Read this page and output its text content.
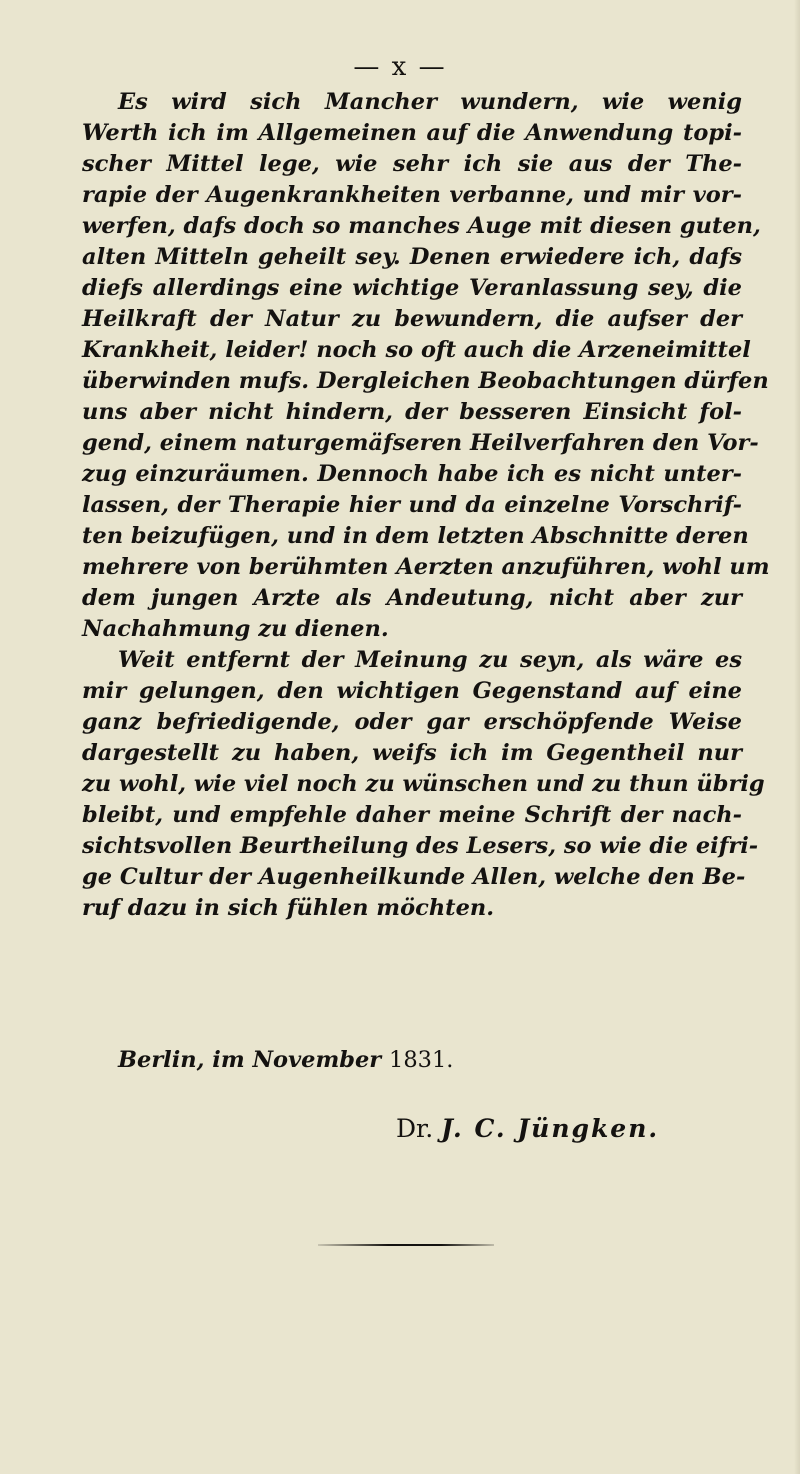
— x —
Es wird sich Mancher wundern, wie wenig
Werth ich im Allgemeinen auf die Anwendung topi-
scher Mittel lege, wie sehr ich sie aus der The-
rapie der Augenkrankheiten verbanne, und mir vor-
werfen, dafs doch so manches Auge mit diesen guten,
alten Mitteln geheilt sey. Denen erwiedere ich, dafs
diefs allerdings eine wichtige Veranlassung sey, die
Heilkraft der Natur zu bewundern, die aufser der
Krankheit, leider! noch so oft auch die Arzeneimittel
überwinden mufs. Dergleichen Beobachtungen dürfen
uns aber nicht hindern, der besseren Einsicht fol-
gend, einem naturgemäfseren Heilverfahren den Vor-
zug einzuräumen. Dennoch habe ich es nicht unter-
lassen, der Therapie hier und da einzelne Vorschrif-
ten beizufügen, und in dem letzten Abschnitte deren
mehrere von berühmten Aerzten anzuführen, wohl um
dem jungen Arzte als Andeutung, nicht aber zur
Nachahmung zu dienen.
Weit entfernt der Meinung zu seyn, als wäre es
mir gelungen, den wichtigen Gegenstand auf eine
ganz befriedigende, oder gar erschöpfende Weise
dargestellt zu haben, weifs ich im Gegentheil nur
zu wohl, wie viel noch zu wünschen und zu thun übrig
bleibt, und empfehle daher meine Schrift der nach-
sichtsvollen Beurtheilung des Lesers, so wie die eifri-
ge Cultur der Augenheilkunde Allen, welche den Be-
ruf dazu in sich fühlen möchten.
Berlin, im November 1831.
Dr. J. C. Jüngken.
